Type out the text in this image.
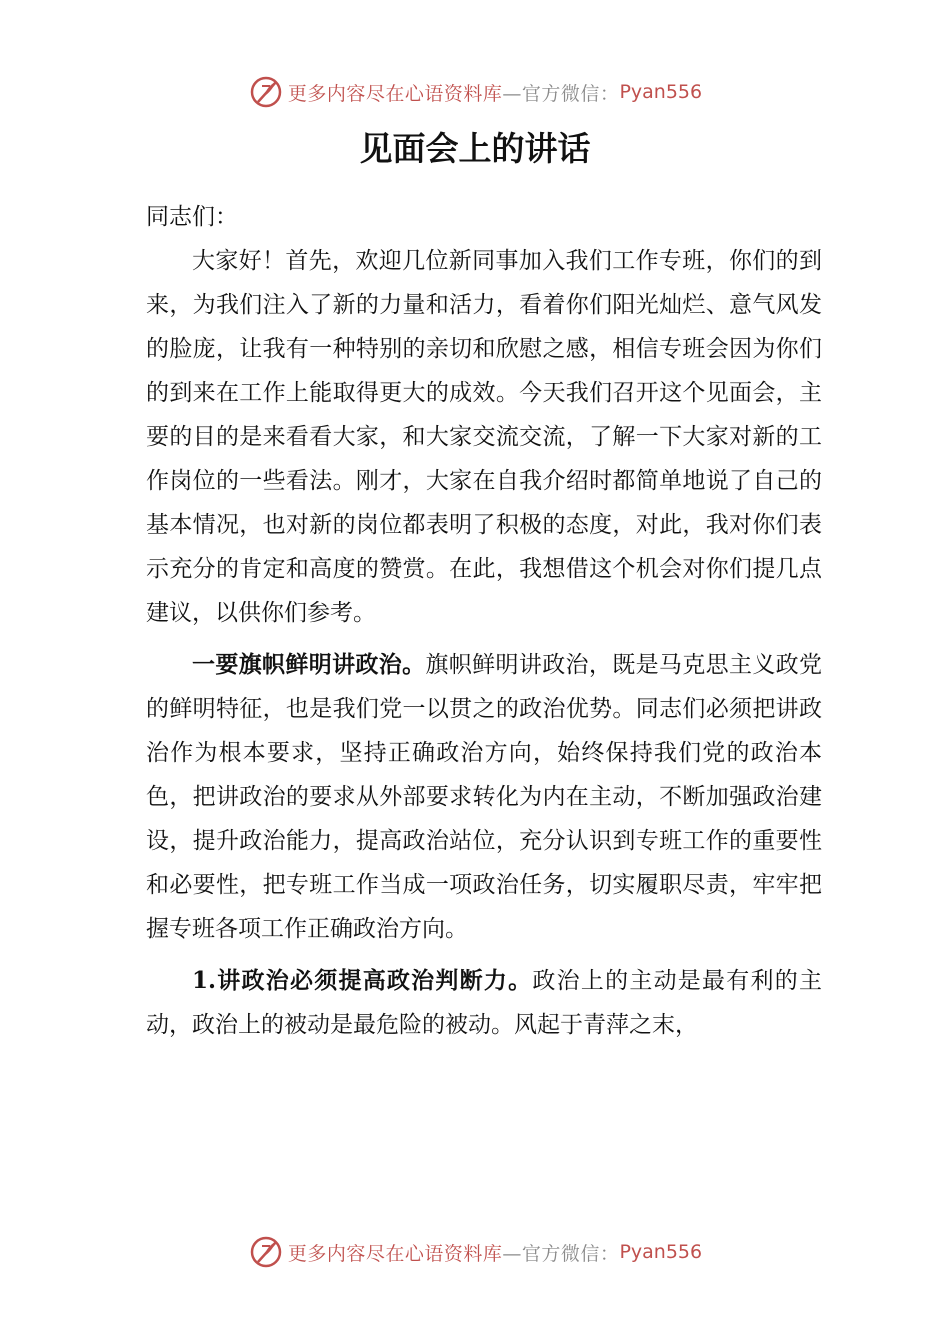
更多内容尽在心语资料库 —官方微信： Pyan556
见面会上的讲话

同志们：

大家好！首先，欢迎几位新同事加入我们工作专班，你们的到来，为我们注入了新的力量和活力，看着你们阳光灿烂、意气风发的脸庞，让我有一种特别的亲切和欣慰之感，相信专班会因为你们的到来在工作上能取得更大的成效。今天我们召开这个见面会，主要的目的是来看看大家，和大家交流交流，了解一下大家对新的工作岗位的一些看法。刚才，大家在自我介绍时都简单地说了自己的基本情况，也对新的岗位都表明了积极的态度，对此，我对你们表示充分的肯定和高度的赞赏。在此，我想借这个机会对你们提几点建议，以供你们参考。

一要旗帜鲜明讲政治。旗帜鲜明讲政治，既是马克思主义政党的鲜明特征，也是我们党一以贯之的政治优势。同志们必须把讲政治作为根本要求，坚持正确政治方向，始终保持我们党的政治本色，把讲政治的要求从外部要求转化为内在主动，不断加强政治建设，提升政治能力，提高政治站位，充分认识到专班工作的重要性和必要性，把专班工作当成一项政治任务，切实履职尽责，牢牢把握专班各项工作正确政治方向。

1.讲政治必须提高政治判断力。政治上的主动是最有利的主动，政治上的被动是最危险的被动。风起于青萍之末，

更多内容尽在心语资料库 —官方微信： Pyan556
